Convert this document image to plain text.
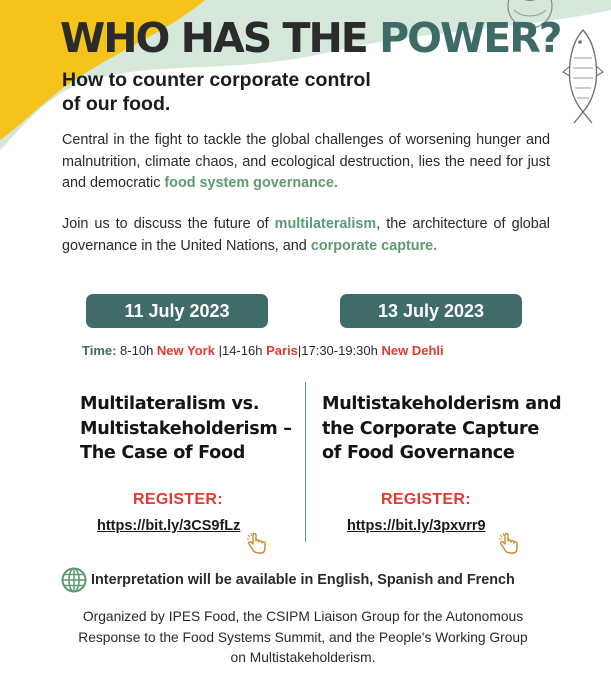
WHO HAS THE POWER?
How to counter corporate control
of our food.
Central in the fight to tackle the global challenges of worsening hunger and malnutrition, climate chaos, and ecological destruction, lies the need for just and democratic food system governance.
Join us to discuss the future of multilateralism, the architecture of global governance in the United Nations, and corporate capture.
11 July 2023	13 July 2023
Time: 8-10h New York |14-16h Paris|17:30-19:30h New Dehli
Multilateralism vs. Multistakeholderism – The Case of Food
REGISTER:
https://bit.ly/3CS9fLz
Multistakeholderism and the Corporate Capture of Food Governance
REGISTER:
https://bit.ly/3pxvrr9
Interpretation will be available in English, Spanish and French
Organized by IPES Food, the CSIPM Liaison Group for the Autonomous Response to the Food Systems Summit, and the People's Working Group on Multistakeholderism.
